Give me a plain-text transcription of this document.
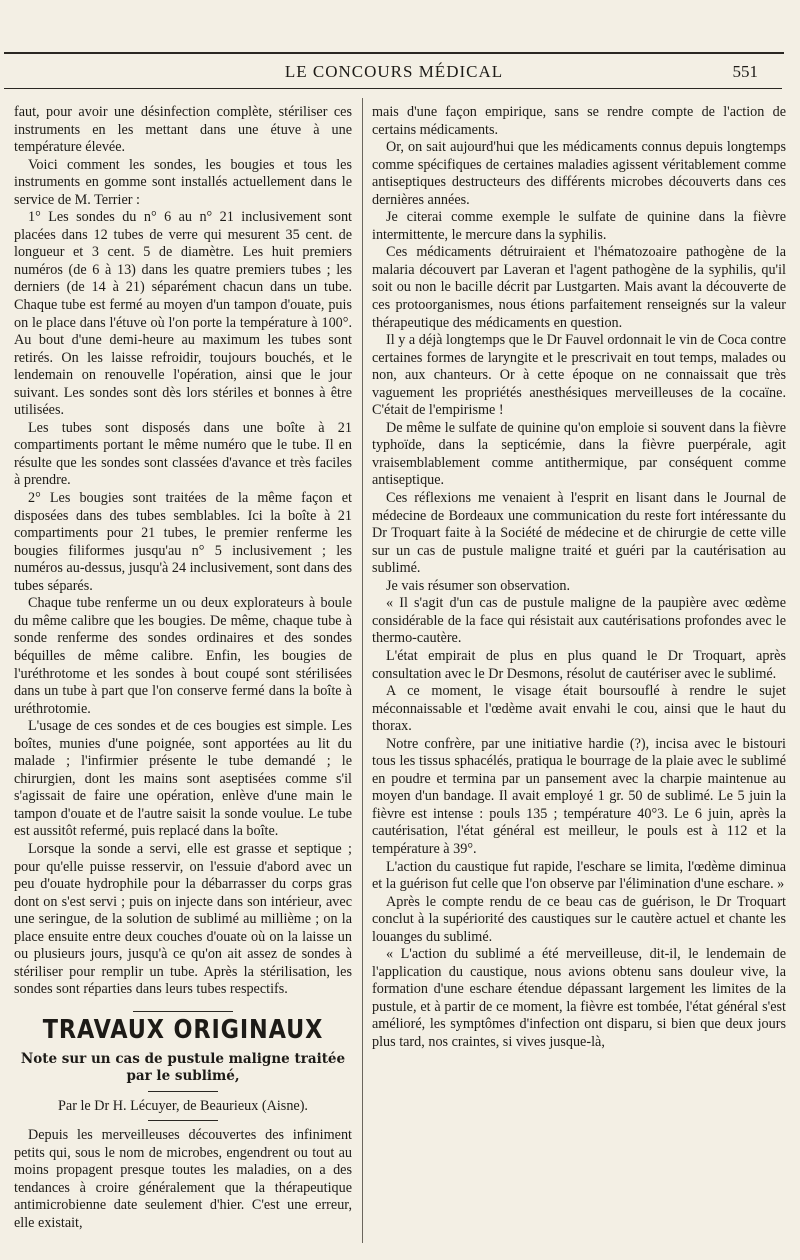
LE CONCOURS MÉDICAL	551

faut, pour avoir une désinfection complète, stériliser ces instruments en les mettant dans une étuve à une température élevée.

Voici comment les sondes, les bougies et tous les instruments en gomme sont installés actuellement dans le service de M. Terrier :

1° Les sondes du n° 6 au n° 21 inclusivement sont placées dans 12 tubes de verre qui mesurent 35 cent. de longueur et 3 cent. 5 de diamètre. Les huit premiers numéros (de 6 à 13) dans les quatre premiers tubes ; les derniers (de 14 à 21) séparément chacun dans un tube. Chaque tube est fermé au moyen d'un tampon d'ouate, puis on le place dans l'étuve où l'on porte la température à 100°. Au bout d'une demi-heure au maximum les tubes sont retirés. On les laisse refroidir, toujours bouchés, et le lendemain on renouvelle l'opération, ainsi que le jour suivant. Les sondes sont dès lors stériles et bonnes à être utilisées.

Les tubes sont disposés dans une boîte à 21 compartiments portant le même numéro que le tube. Il en résulte que les sondes sont classées d'avance et très faciles à prendre.

2° Les bougies sont traitées de la même façon et disposées dans des tubes semblables. Ici la boîte à 21 compartiments pour 21 tubes, le premier renferme les bougies filiformes jusqu'au n° 5 inclusivement ; les numéros au-dessus, jusqu'à 24 inclusivement, sont dans des tubes séparés.

Chaque tube renferme un ou deux explorateurs à boule du même calibre que les bougies. De même, chaque tube à sonde renferme des sondes ordinaires et des sondes béquilles de même calibre. Enfin, les bougies de l'uréthrotome et les sondes à bout coupé sont stérilisées dans un tube à part que l'on conserve fermé dans la boîte à uréthrotomie.

L'usage de ces sondes et de ces bougies est simple. Les boîtes, munies d'une poignée, sont apportées au lit du malade ; l'infirmier présente le tube demandé ; le chirurgien, dont les mains sont aseptisées comme s'il s'agissait de faire une opération, enlève d'une main le tampon d'ouate et de l'autre saisit la sonde voulue. Le tube est aussitôt refermé, puis replacé dans la boîte.

Lorsque la sonde a servi, elle est grasse et septique ; pour qu'elle puisse resservir, on l'essuie d'abord avec un peu d'ouate hydrophile pour la débarrasser du corps gras dont on s'est servi ; puis on injecte dans son intérieur, avec une seringue, de la solution de sublimé au millième ; on la place ensuite entre deux couches d'ouate où on la laisse un ou plusieurs jours, jusqu'à ce qu'on ait assez de sondes à stériliser pour remplir un tube. Après la stérilisation, les sondes sont réparties dans leurs tubes respectifs.

TRAVAUX ORIGINAUX
Note sur un cas de pustule maligne traitée
par le sublimé,
Par le Dr H. Lécuyer, de Beaurieux (Aisne).

Depuis les merveilleuses découvertes des infiniment petits qui, sous le nom de microbes, engendrent ou tout au moins propagent presque toutes les maladies, on a des tendances à croire généralement que la thérapeutique antimicrobienne date seulement d'hier. C'est une erreur, elle existait,

mais d'une façon empirique, sans se rendre compte de l'action de certains médicaments.

Or, on sait aujourd'hui que les médicaments connus depuis longtemps comme spécifiques de certaines maladies agissent véritablement comme antiseptiques destructeurs des différents microbes découverts dans ces dernières années.

Je citerai comme exemple le sulfate de quinine dans la fièvre intermittente, le mercure dans la syphilis.

Ces médicaments détruiraient et l'hématozoaire pathogène de la malaria découvert par Laveran et l'agent pathogène de la syphilis, qu'il soit ou non le bacille décrit par Lustgarten. Mais avant la découverte de ces protoorganismes, nous étions parfaitement renseignés sur la valeur thérapeutique des médicaments en question.

Il y a déjà longtemps que le Dr Fauvel ordonnait le vin de Coca contre certaines formes de laryngite et le prescrivait en tout temps, malades ou non, aux chanteurs. Or à cette époque on ne connaissait que très vaguement les propriétés anesthésiques merveilleuses de la cocaïne. C'était de l'empirisme !

De même le sulfate de quinine qu'on emploie si souvent dans la fièvre typhoïde, dans la septicémie, dans la fièvre puerpérale, agit vraisemblablement comme antithermique, par conséquent comme antiseptique.

Ces réflexions me venaient à l'esprit en lisant dans le Journal de médecine de Bordeaux une communication du reste fort intéressante du Dr Troquart faite à la Société de médecine et de chirurgie de cette ville sur un cas de pustule maligne traité et guéri par la cautérisation au sublimé.

Je vais résumer son observation.

« Il s'agit d'un cas de pustule maligne de la paupière avec œdème considérable de la face qui résistait aux cautérisations profondes avec le thermo-cautère.

L'état empirait de plus en plus quand le Dr Troquart, après consultation avec le Dr Desmons, résolut de cautériser avec le sublimé.

A ce moment, le visage était boursouflé à rendre le sujet méconnaissable et l'œdème avait envahi le cou, ainsi que le haut du thorax.

Notre confrère, par une initiative hardie (?), incisa avec le bistouri tous les tissus sphacélés, pratiqua le bourrage de la plaie avec le sublimé en poudre et termina par un pansement avec la charpie maintenue au moyen d'un bandage. Il avait employé 1 gr. 50 de sublimé. Le 5 juin la fièvre est intense : pouls 135 ; température 40°3. Le 6 juin, après la cautérisation, l'état général est meilleur, le pouls est à 112 et la température à 39°.

L'action du caustique fut rapide, l'eschare se limita, l'œdème diminua et la guérison fut celle que l'on observe par l'élimination d'une eschare. »

Après le compte rendu de ce beau cas de guérison, le Dr Troquart conclut à la supériorité des caustiques sur le cautère actuel et chante les louanges du sublimé.

« L'action du sublimé a été merveilleuse, dit-il, le lendemain de l'application du caustique, nous avions obtenu sans douleur vive, la formation d'une eschare étendue dépassant largement les limites de la pustule, et à partir de ce moment, la fièvre est tombée, l'état général s'est amélioré, les symptômes d'infection ont disparu, si bien que deux jours plus tard, nos craintes, si vives jusque-là,
